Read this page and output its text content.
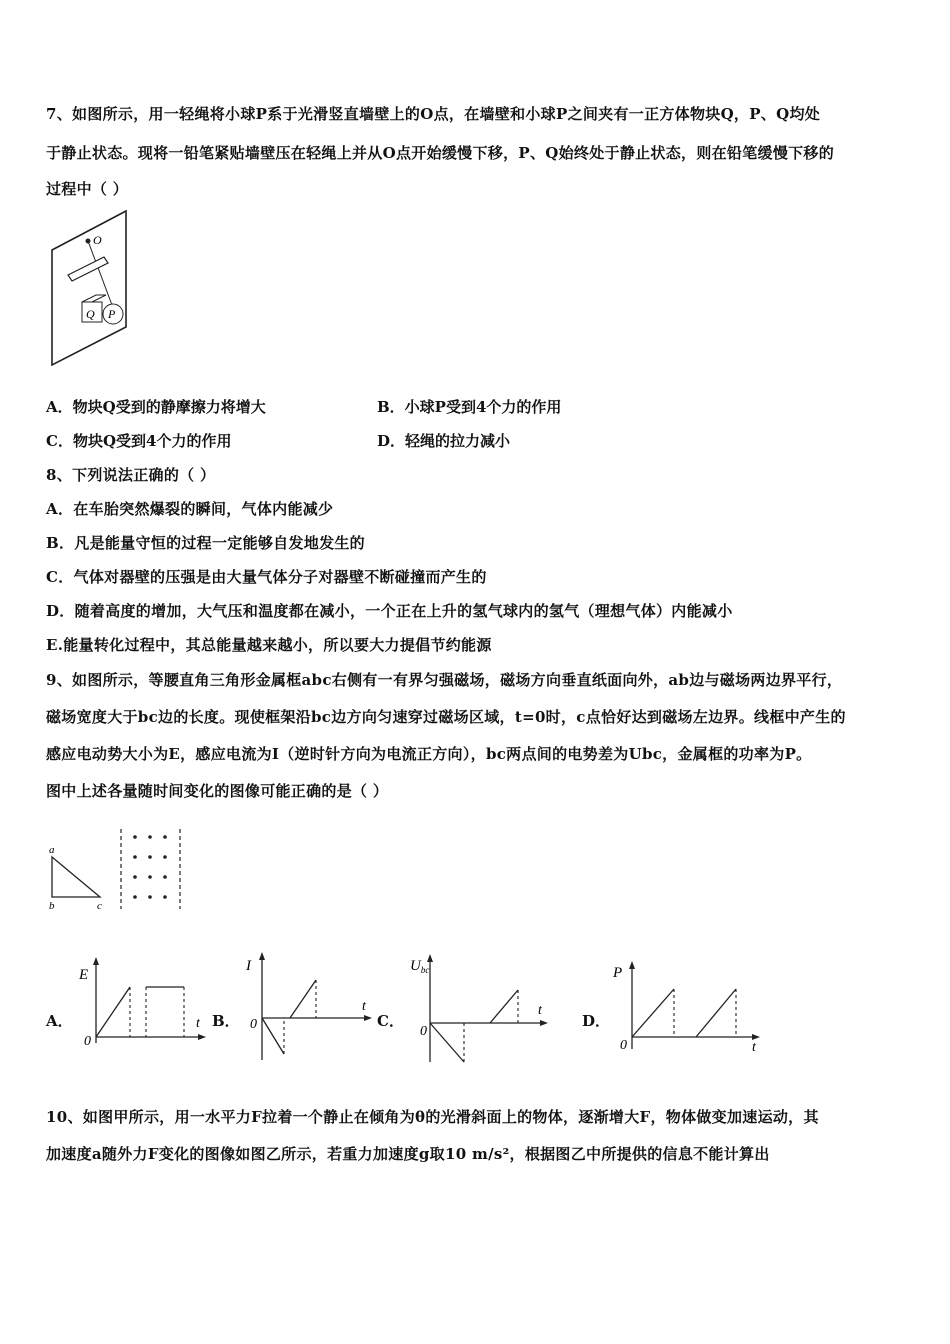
7、如图所示，用一轻绳将小球P系于光滑竖直墙壁上的O点，在墙壁和小球P之间夹有一正方体物块Q，P、Q均处
于静止状态。现将一铅笔紧贴墙壁压在轻绳上并从O点开始缓慢下移，P、Q始终处于静止状态，则在铅笔缓慢下移的
过程中（ ）
O
Q P
A．物块Q受到的静摩擦力将增大	B．小球P受到4个力的作用
C．物块Q受到4个力的作用	D．轻绳的拉力减小
8、下列说法正确的（ ）
A．在车胎突然爆裂的瞬间，气体内能减少
B．凡是能量守恒的过程一定能够自发地发生的
C．气体对器壁的压强是由大量气体分子对器壁不断碰撞而产生的
D．随着高度的增加，大气压和温度都在减小，一个正在上升的氢气球内的氢气（理想气体）内能减小
E.能量转化过程中，其总能量越来越小，所以要大力提倡节约能源
9、如图所示，等腰直角三角形金属框abc右侧有一有界匀强磁场，磁场方向垂直纸面向外，ab边与磁场两边界平行，
磁场宽度大于bc边的长度。现使框架沿bc边方向匀速穿过磁场区域，t=0时，c点恰好达到磁场左边界。线框中产生的
感应电动势大小为E，感应电流为I（逆时针方向为电流正方向），bc两点间的电势差为Ubc，金属框的功率为P。
图中上述各量随时间变化的图像可能正确的是（ ）
a
b	c
A．
E
t
0
B．
I
t
0	C．
$U_{bc}$
t
0
D．
P
t
0
10、如图甲所示，用一水平力F拉着一个静止在倾角为θ的光滑斜面上的物体，逐渐增大F，物体做变加速运动，其
加速度a随外力F变化的图像如图乙所示，若重力加速度g取10 m/s²，根据图乙中所提供的信息不能计算出
